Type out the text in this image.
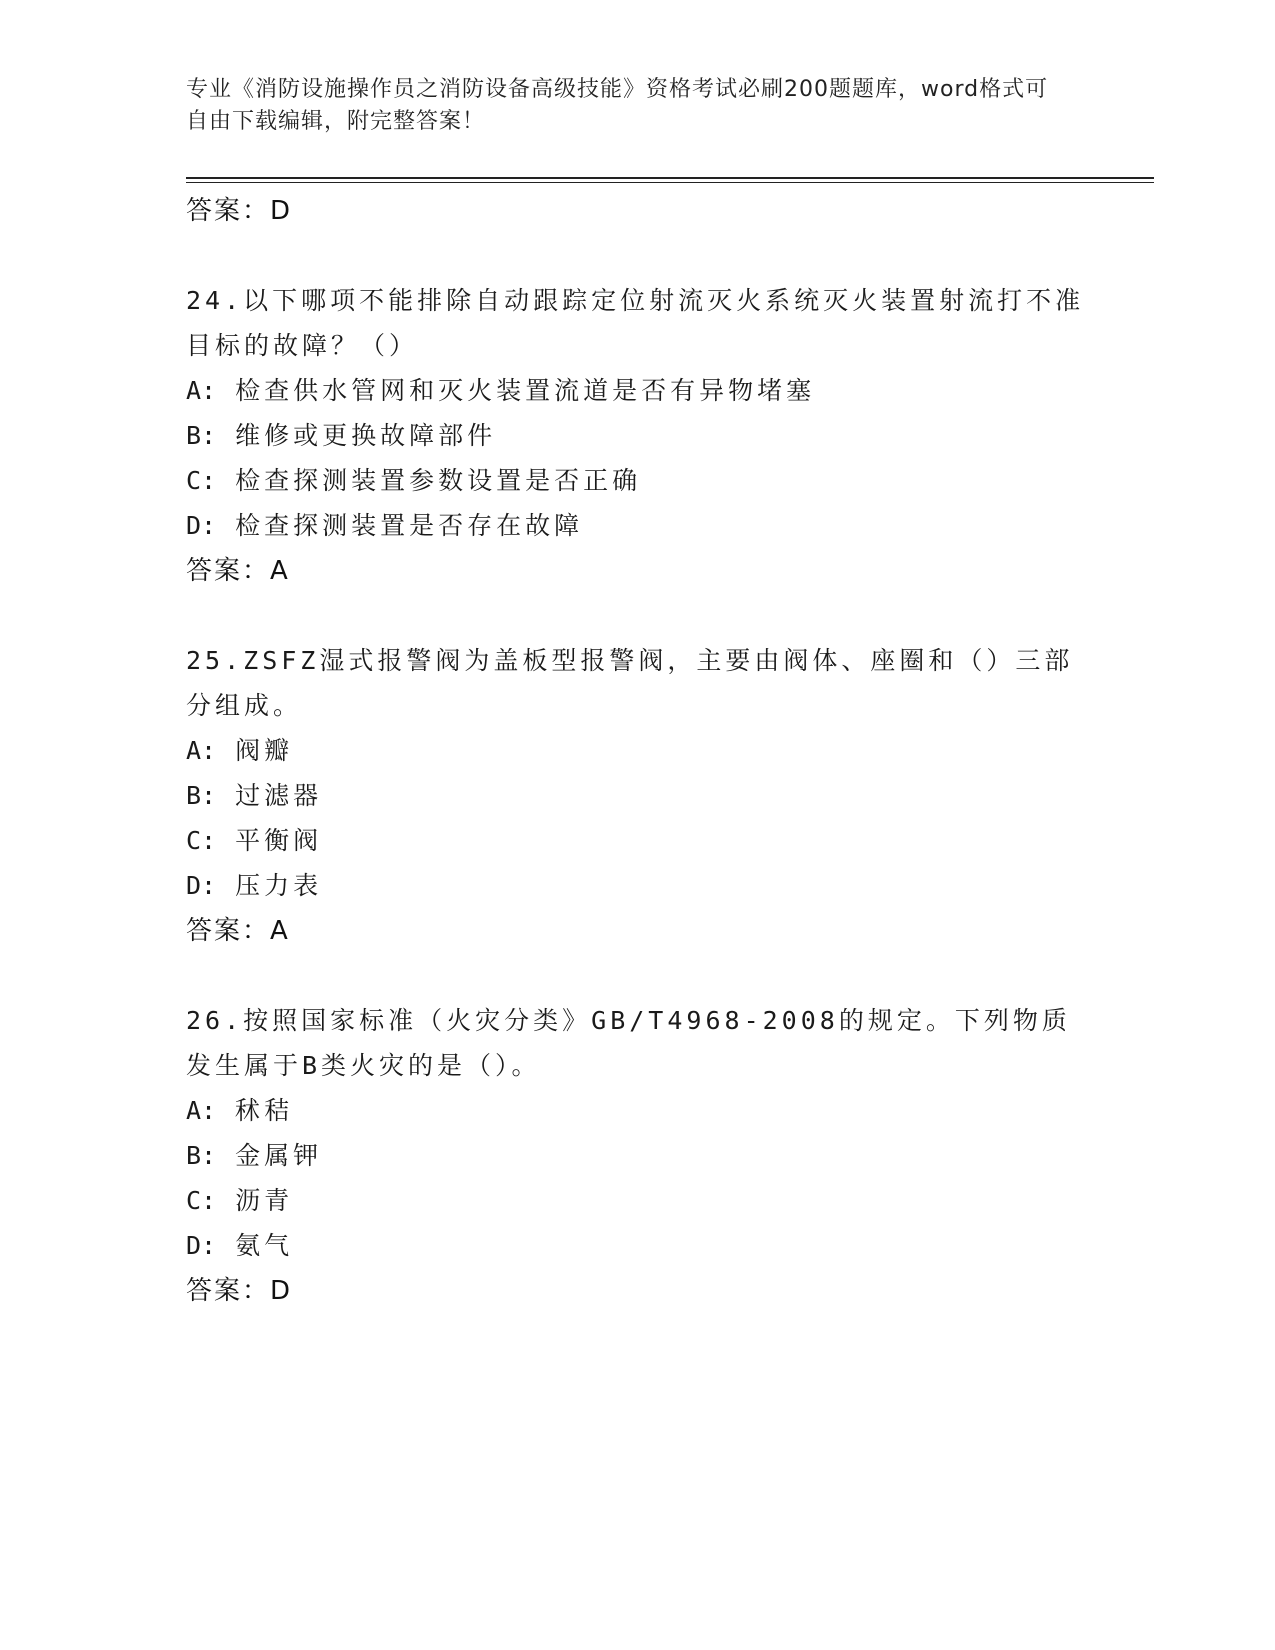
专业《消防设施操作员之消防设备高级技能》资格考试必刷200题题库，word格式可自由下载编辑，附完整答案！
答案：D
24.以下哪项不能排除自动跟踪定位射流灭火系统灭火装置射流打不准目标的故障？（）
A: 检查供水管网和灭火装置流道是否有异物堵塞
B: 维修或更换故障部件
C: 检查探测装置参数设置是否正确
D: 检查探测装置是否存在故障
答案：A
25.ZSFZ湿式报警阀为盖板型报警阀，主要由阀体、座圈和（）三部分组成。
A: 阀瓣
B: 过滤器
C: 平衡阀
D: 压力表
答案：A
26.按照国家标准（火灾分类》GB/T4968-2008的规定。下列物质发生属于B类火灾的是（）。
A: 秫秸
B: 金属钾
C: 沥青
D: 氨气
答案：D
